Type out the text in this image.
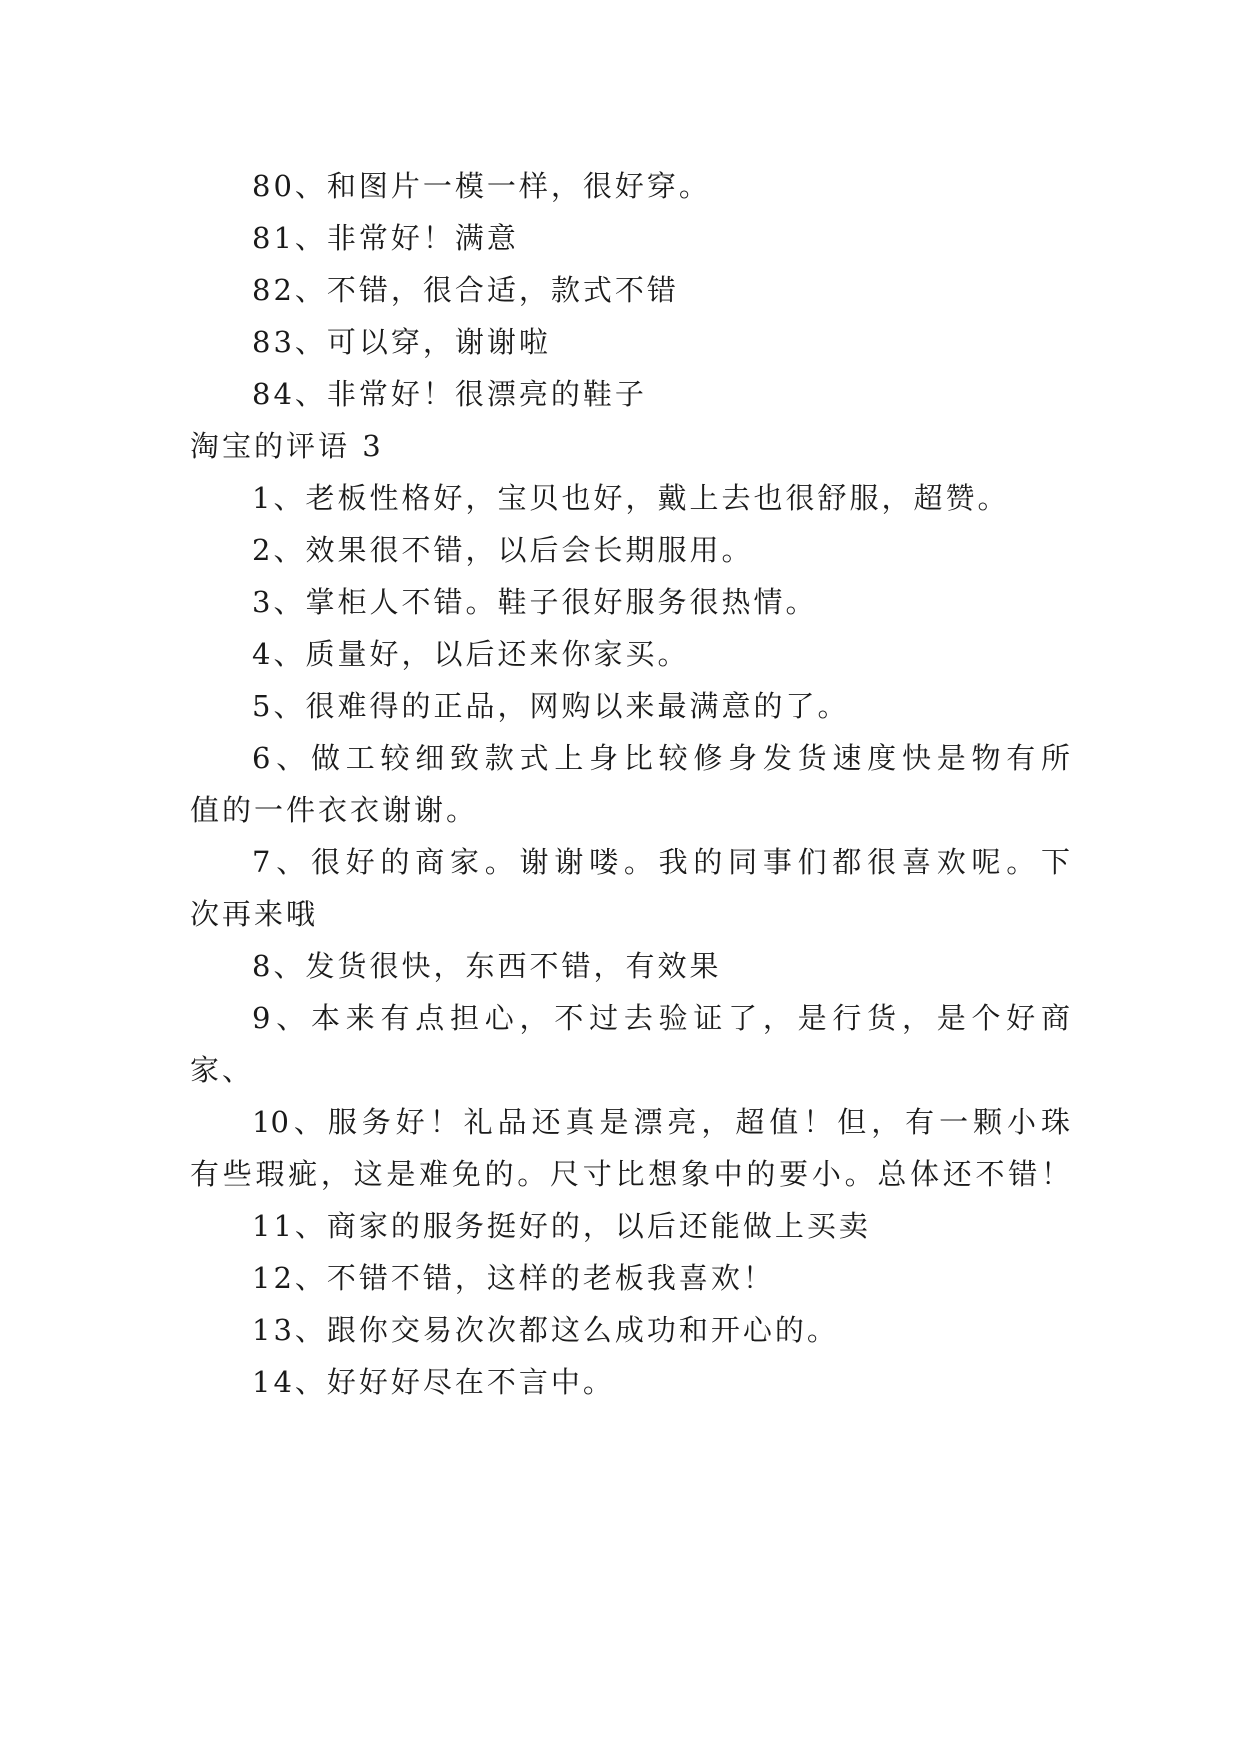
80、和图片一模一样，很好穿。
81、非常好！满意
82、不错，很合适，款式不错
83、可以穿，谢谢啦
84、非常好！很漂亮的鞋子
淘宝的评语 3
1、老板性格好，宝贝也好，戴上去也很舒服，超赞。
2、效果很不错，以后会长期服用。
3、掌柜人不错。鞋子很好服务很热情。
4、质量好，以后还来你家买。
5、很难得的正品，网购以来最满意的了。
6、做工较细致款式上身比较修身发货速度快是物有所
值的一件衣衣谢谢。
7、很好的商家。谢谢喽。我的同事们都很喜欢呢。下
次再来哦
8、发货很快，东西不错，有效果
9、本来有点担心，不过去验证了，是行货，是个好商
家、
10、服务好！礼品还真是漂亮，超值！但，有一颗小珠
有些瑕疵，这是难免的。尺寸比想象中的要小。总体还不错！
11、商家的服务挺好的，以后还能做上买卖
12、不错不错，这样的老板我喜欢！
13、跟你交易次次都这么成功和开心的。
14、好好好尽在不言中。
